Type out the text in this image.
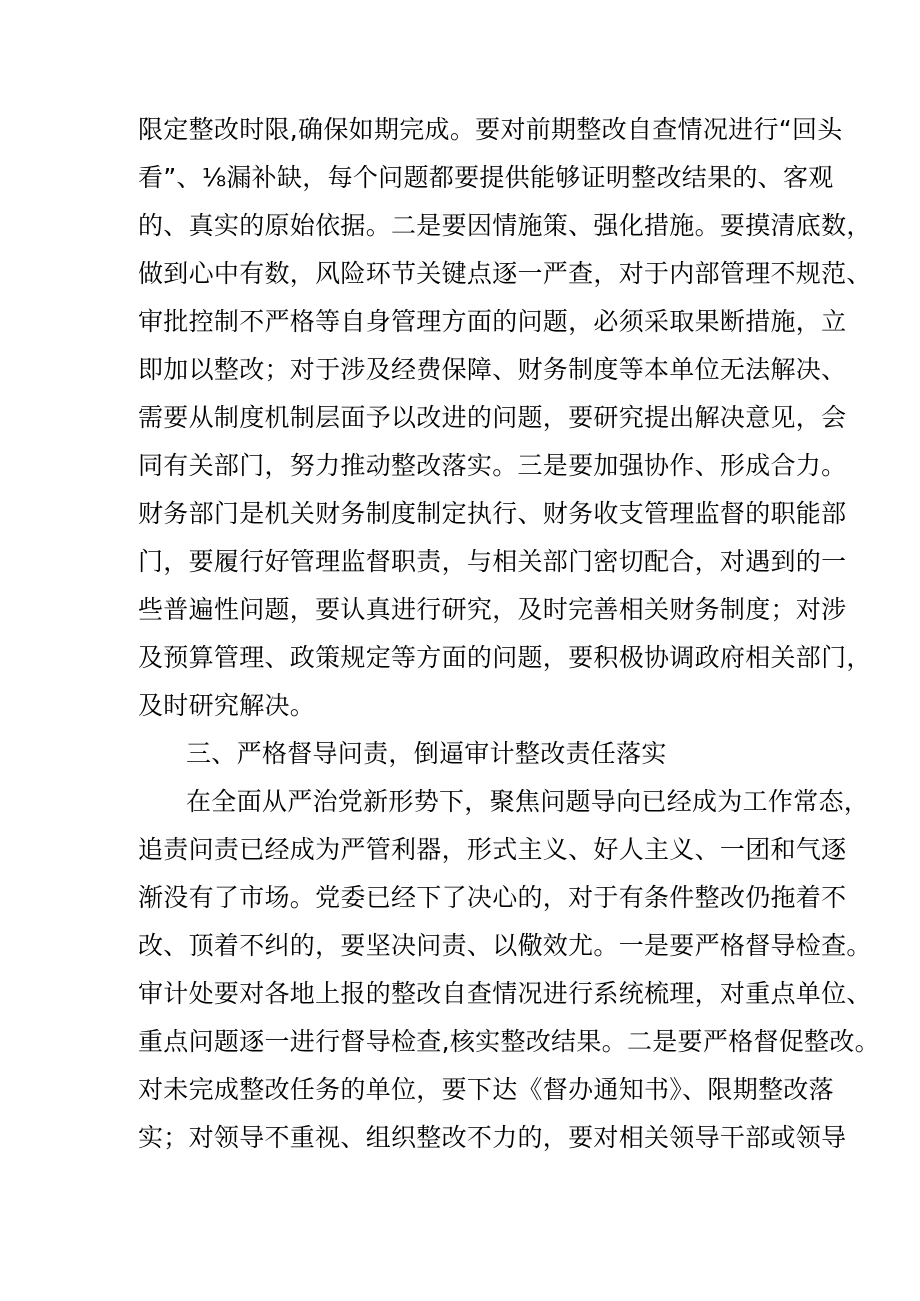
限定整改时限,确保如期完成。要对前期整改自查情况进行“回头
看”、⅛漏补缺，每个问题都要提供能够证明整改结果的、客观
的、真实的原始依据。二是要因情施策、强化措施。要摸清底数，
做到心中有数，风险环节关键点逐一严查，对于内部管理不规范、
审批控制不严格等自身管理方面的问题，必须采取果断措施，立
即加以整改；对于涉及经费保障、财务制度等本单位无法解决、
需要从制度机制层面予以改进的问题，要研究提出解决意见，会
同有关部门，努力推动整改落实。三是要加强协作、形成合力。
财务部门是机关财务制度制定执行、财务收支管理监督的职能部
门，要履行好管理监督职责，与相关部门密切配合，对遇到的一
些普遍性问题，要认真进行研究，及时完善相关财务制度；对涉
及预算管理、政策规定等方面的问题，要积极协调政府相关部门，
及时研究解决。
三、严格督导问责，倒逼审计整改责任落实
在全面从严治党新形势下，聚焦问题导向已经成为工作常态，
追责问责已经成为严管利器，形式主义、好人主义、一团和气逐
渐没有了市场。党委已经下了决心的，对于有条件整改仍拖着不
改、顶着不纠的，要坚决问责、以儆效尤。一是要严格督导检查。
审计处要对各地上报的整改自查情况进行系统梳理，对重点单位、
重点问题逐一进行督导检查,核实整改结果。二是要严格督促整改。
对未完成整改任务的单位，要下达《督办通知书》、限期整改落
实；对领导不重视、组织整改不力的，要对相关领导干部或领导
